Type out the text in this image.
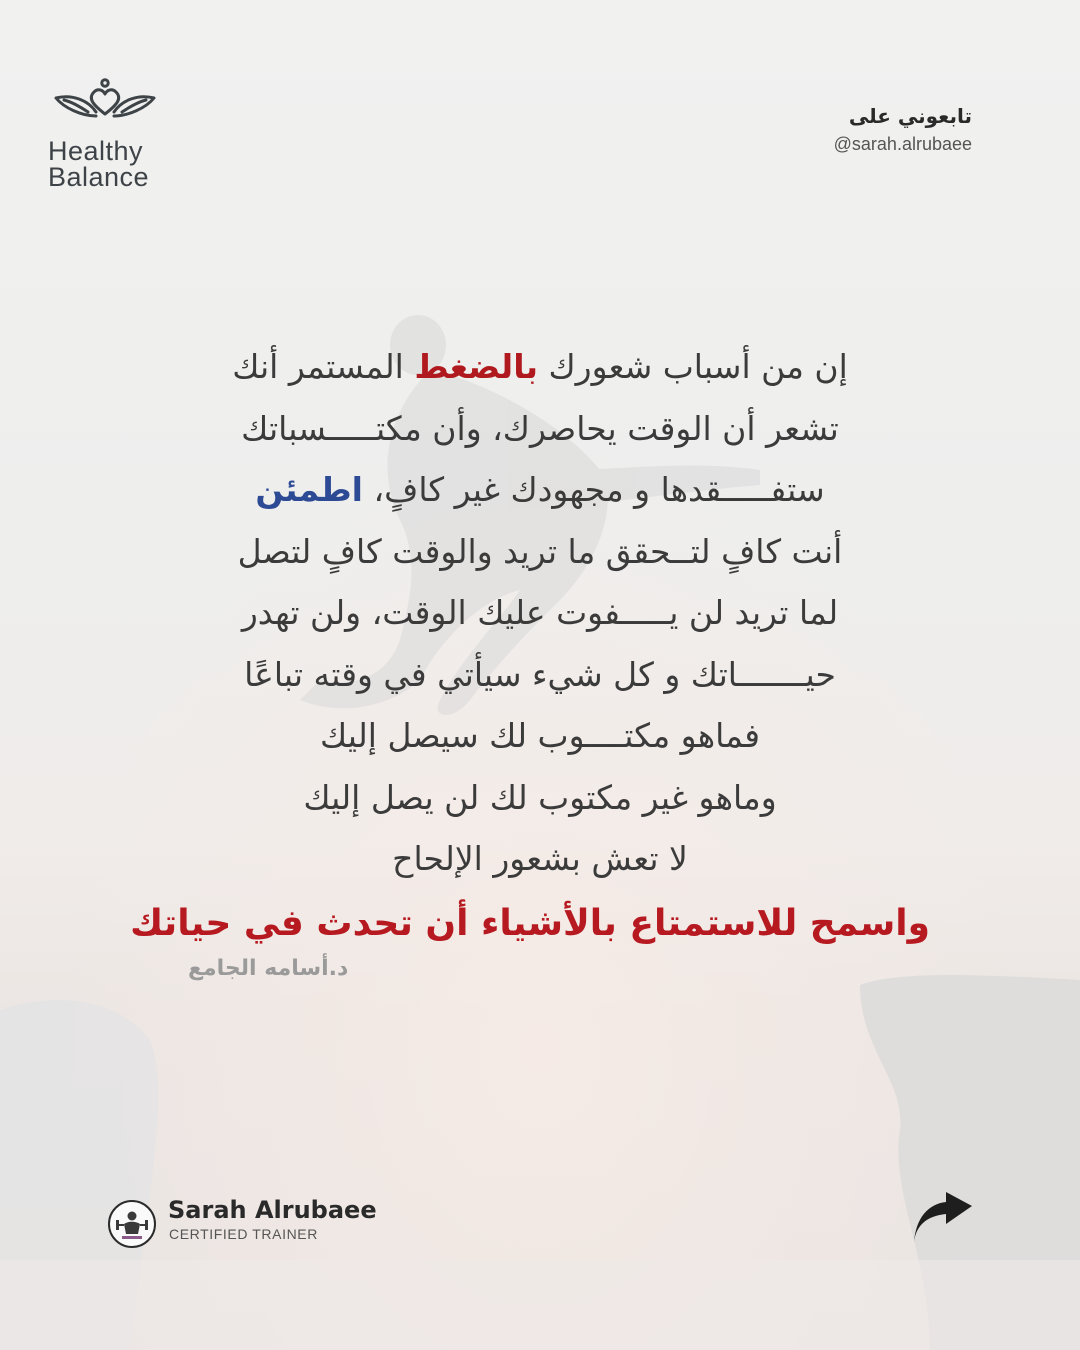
Healthy
Balance
تابعوني على
@sarah.alrubaee
إن من أسباب شعورك بالضغط المستمر أنك
تشعر أن الوقت يحاصرك، وأن مكتـــــسباتك
ستفـــــقدها و مجهودك غير كافٍ، اطمئن
أنت كافٍ لتــحقق ما تريد والوقت كافٍ لتصل
لما تريد لن يـــــفوت عليك الوقت، ولن تهدر
حيـــــــاتك و كل شيء سيأتي في وقته تباعًا
فماهو مكتــــوب لك سيصل إليك
وماهو غير مكتوب لك لن يصل إليك
لا تعش بشعور الإلحاح
واسمح للاستمتاع بالأشياء أن تحدث في حياتك
د.أسامه الجامع
Sarah Alrubaee
CERTIFIED TRAINER
